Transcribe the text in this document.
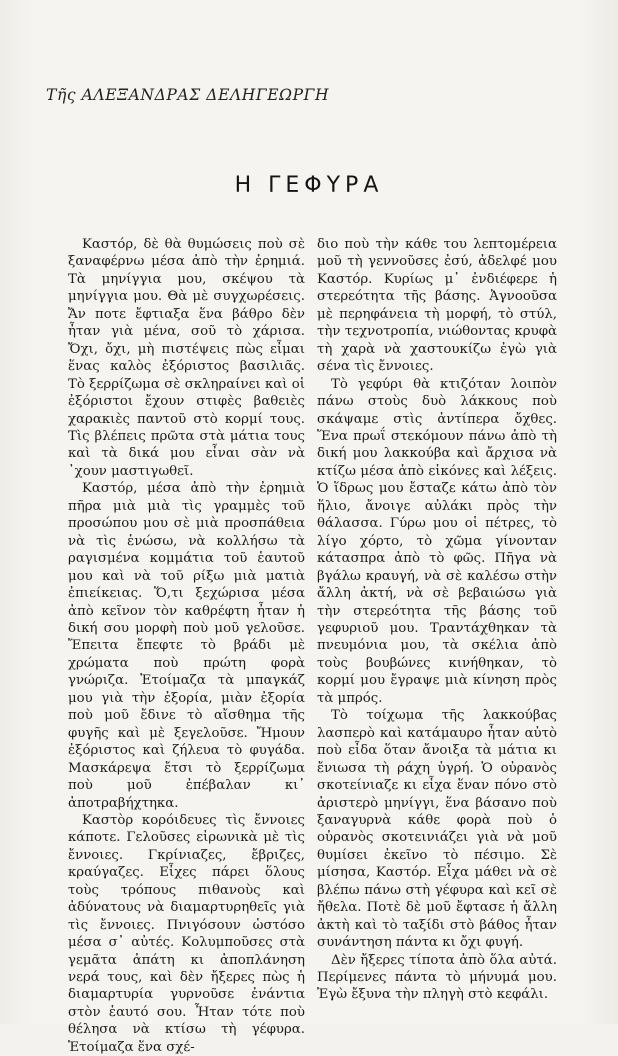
Τῆς ΑΛΕΞΑΝΔΡΑΣ ΔΕΛΗΓΕΩΡΓΗ
Η ΓΕΦΥΡΑ

Καστόρ, δὲ θὰ θυμώσεις ποὺ σὲ ξαναφέρνω μέσα ἀπὸ τὴν ἐρημιά. Τὰ μηνίγγια μου, σκέψου τὰ μηνίγγια μου. Θὰ μὲ συγχωρέσεις. Ἄν ποτε ἔφτιαξα ἕνα βάθρο δὲν ἦταν γιὰ μένα, σοῦ τὸ χάρισα. Ὄχι, ὄχι, μὴ πιστέψεις πὼς εἶμαι ἕνας καλὸς ἐξόριστος βασιλιᾶς. Τὸ ξερρίζωμα σὲ σκληραίνει καὶ οἱ ἐξόριστοι ἔχουν στιφὲς βαθειὲς χαρακιὲς παντοῦ στὸ κορμί τους. Τὶς βλέπεις πρῶτα στὰ μάτια τους καὶ τὰ δικά μου εἶναι σὰν νὰ ᾿χουν μαστιγωθεῖ.

Καστόρ, μέσα ἀπὸ τὴν ἐρημιὰ πῆρα μιὰ μιὰ τὶς γραμμὲς τοῦ προσώπου μου σὲ μιὰ προσπάθεια νὰ τὶς ἑνώσω, νὰ κολλήσω τὰ ραγισμένα κομμάτια τοῦ ἑαυτοῦ μου καὶ νὰ τοῦ ρίξω μιὰ ματιὰ ἐπιείκειας. Ὅ,τι ξεχώρισα μέσα ἀπὸ κεῖνον τὸν καθρέφτη ἦταν ἡ δική σου μορφὴ ποὺ μοῦ γελοῦσε. Ἔπειτα ἔπεφτε τὸ βράδι μὲ χρώματα ποὺ πρώτη φορὰ γνώριζα. Ἑτοίμαζα τὰ μπαγκάζ μου γιὰ τὴν ἐξορία, μιὰν ἐξορία ποὺ μοῦ ἔδινε τὸ αἴσθημα τῆς φυγῆς καὶ μὲ ξεγελοῦσε. Ἤμουν ἐξόριστος καὶ ζήλευα τὸ φυγάδα. Μασκάρεψα ἔτσι τὸ ξερρίζωμα ποὺ μοῦ ἐπέβαλαν κι᾿ ἀποτραβήχτηκα.

Καστὸρ κορόιδευες τὶς ἔννοιες κάποτε. Γελοῦσες εἰρωνικὰ μὲ τὶς ἔννοιες. Γκρίνιαζες, ἔβριζες, κραύγαζες. Εἶχες πάρει ὅλους τοὺς τρόπους πιθανοὺς καὶ ἀδύνατους νὰ διαμαρτυρηθεῖς γιὰ τὶς ἔννοιες. Πνιγόσουν ὡστόσο μέσα σ᾿ αὐτές. Κολυμποῦσες στὰ γεμᾶτα ἀπάτη κι ἀποπλάνηση νερά τους, καὶ δὲν ἤξερες πὼς ἡ διαμαρτυρία γυρνοῦσε ἐνάντια στὸν ἑαυτό σου. Ἦταν τότε ποὺ θέλησα νὰ κτίσω τὴ γέφυρα. Ἑτοίμαζα ἕνα σχέ-

διο ποὺ τὴν κάθε του λεπτομέρεια μοῦ τὴ γεννοῦσες ἐσύ, ἀδελφέ μου Καστόρ. Κυρίως μ᾿ ἐνδιέφερε ἡ στερεότητα τῆς βάσης. Ἀγνοοῦσα μὲ περηφάνεια τὴ μορφή, τὸ στύλ, τὴν τεχνοτροπία, νιώθοντας κρυφὰ τὴ χαρὰ νὰ χαστουκίζω ἐγὼ γιὰ σένα τὶς ἔννοιες.

Τὸ γεφύρι θὰ κτιζόταν λοιπὸν πάνω στοὺς δυὸ λάκκους ποὺ σκάψαμε στὶς ἀντίπερα ὄχθες. Ἕνα πρωΐ στεκόμουν πάνω ἀπὸ τὴ δική μου λακκούβα καὶ ἄρχισα νὰ κτίζω μέσα ἀπὸ εἰκόνες καὶ λέξεις. Ὁ ἵδρως μου ἔσταζε κάτω ἀπὸ τὸν ἥλιο, ἄνοιγε αὐλάκι πρὸς τὴν θάλασσα. Γύρω μου οἱ πέτρες, τὸ λίγο χόρτο, τὸ χῶμα γίνονταν κάτασπρα ἀπὸ τὸ φῶς. Πῆγα νὰ βγάλω κραυγή, νὰ σὲ καλέσω στὴν ἄλλη ἀκτή, νὰ σὲ βεβαιώσω γιὰ τὴν στερεότητα τῆς βάσης τοῦ γεφυριοῦ μου. Τραντάχθηκαν τὰ πνευμόνια μου, τὰ σκέλια ἀπὸ τοὺς βουβώνες κινήθηκαν, τὸ κορμί μου ἔγραψε μιὰ κίνηση πρὸς τὰ μπρός.

Τὸ τοίχωμα τῆς λακκούβας λασπερὸ καὶ κατάμαυρο ἦταν αὐτὸ ποὺ εἶδα ὅταν ἄνοιξα τὰ μάτια κι ἔνιωσα τὴ ράχη ὑγρή. Ὁ οὐρανὸς σκοτείνιαζε κι εἶχα ἕναν πόνο στὸ ἀριστερὸ μηνίγγι, ἕνα βάσανο ποὺ ξαναγυρνὰ κάθε φορὰ ποὺ ὁ οὐρανὸς σκοτεινιάζει γιὰ νὰ μοῦ θυμίσει ἐκεῖνο τὸ πέσιμο. Σὲ μίσησα, Καστόρ. Εἶχα μάθει νὰ σὲ βλέπω πάνω στὴ γέφυρα καὶ κεῖ σὲ ἤθελα. Ποτὲ δὲ μοῦ ἔφτασε ἡ ἄλλη ἀκτὴ καὶ τὸ ταξίδι στὸ βάθος ἦταν συνάντηση πάντα κι ὄχι φυγή.

Δὲν ἤξερες τίποτα ἀπὸ ὅλα αὐτά. Περίμενες πάντα τὸ μήνυμά μου. Ἐγὼ ἔξυνα τὴν πληγὴ στὸ κεφάλι.
